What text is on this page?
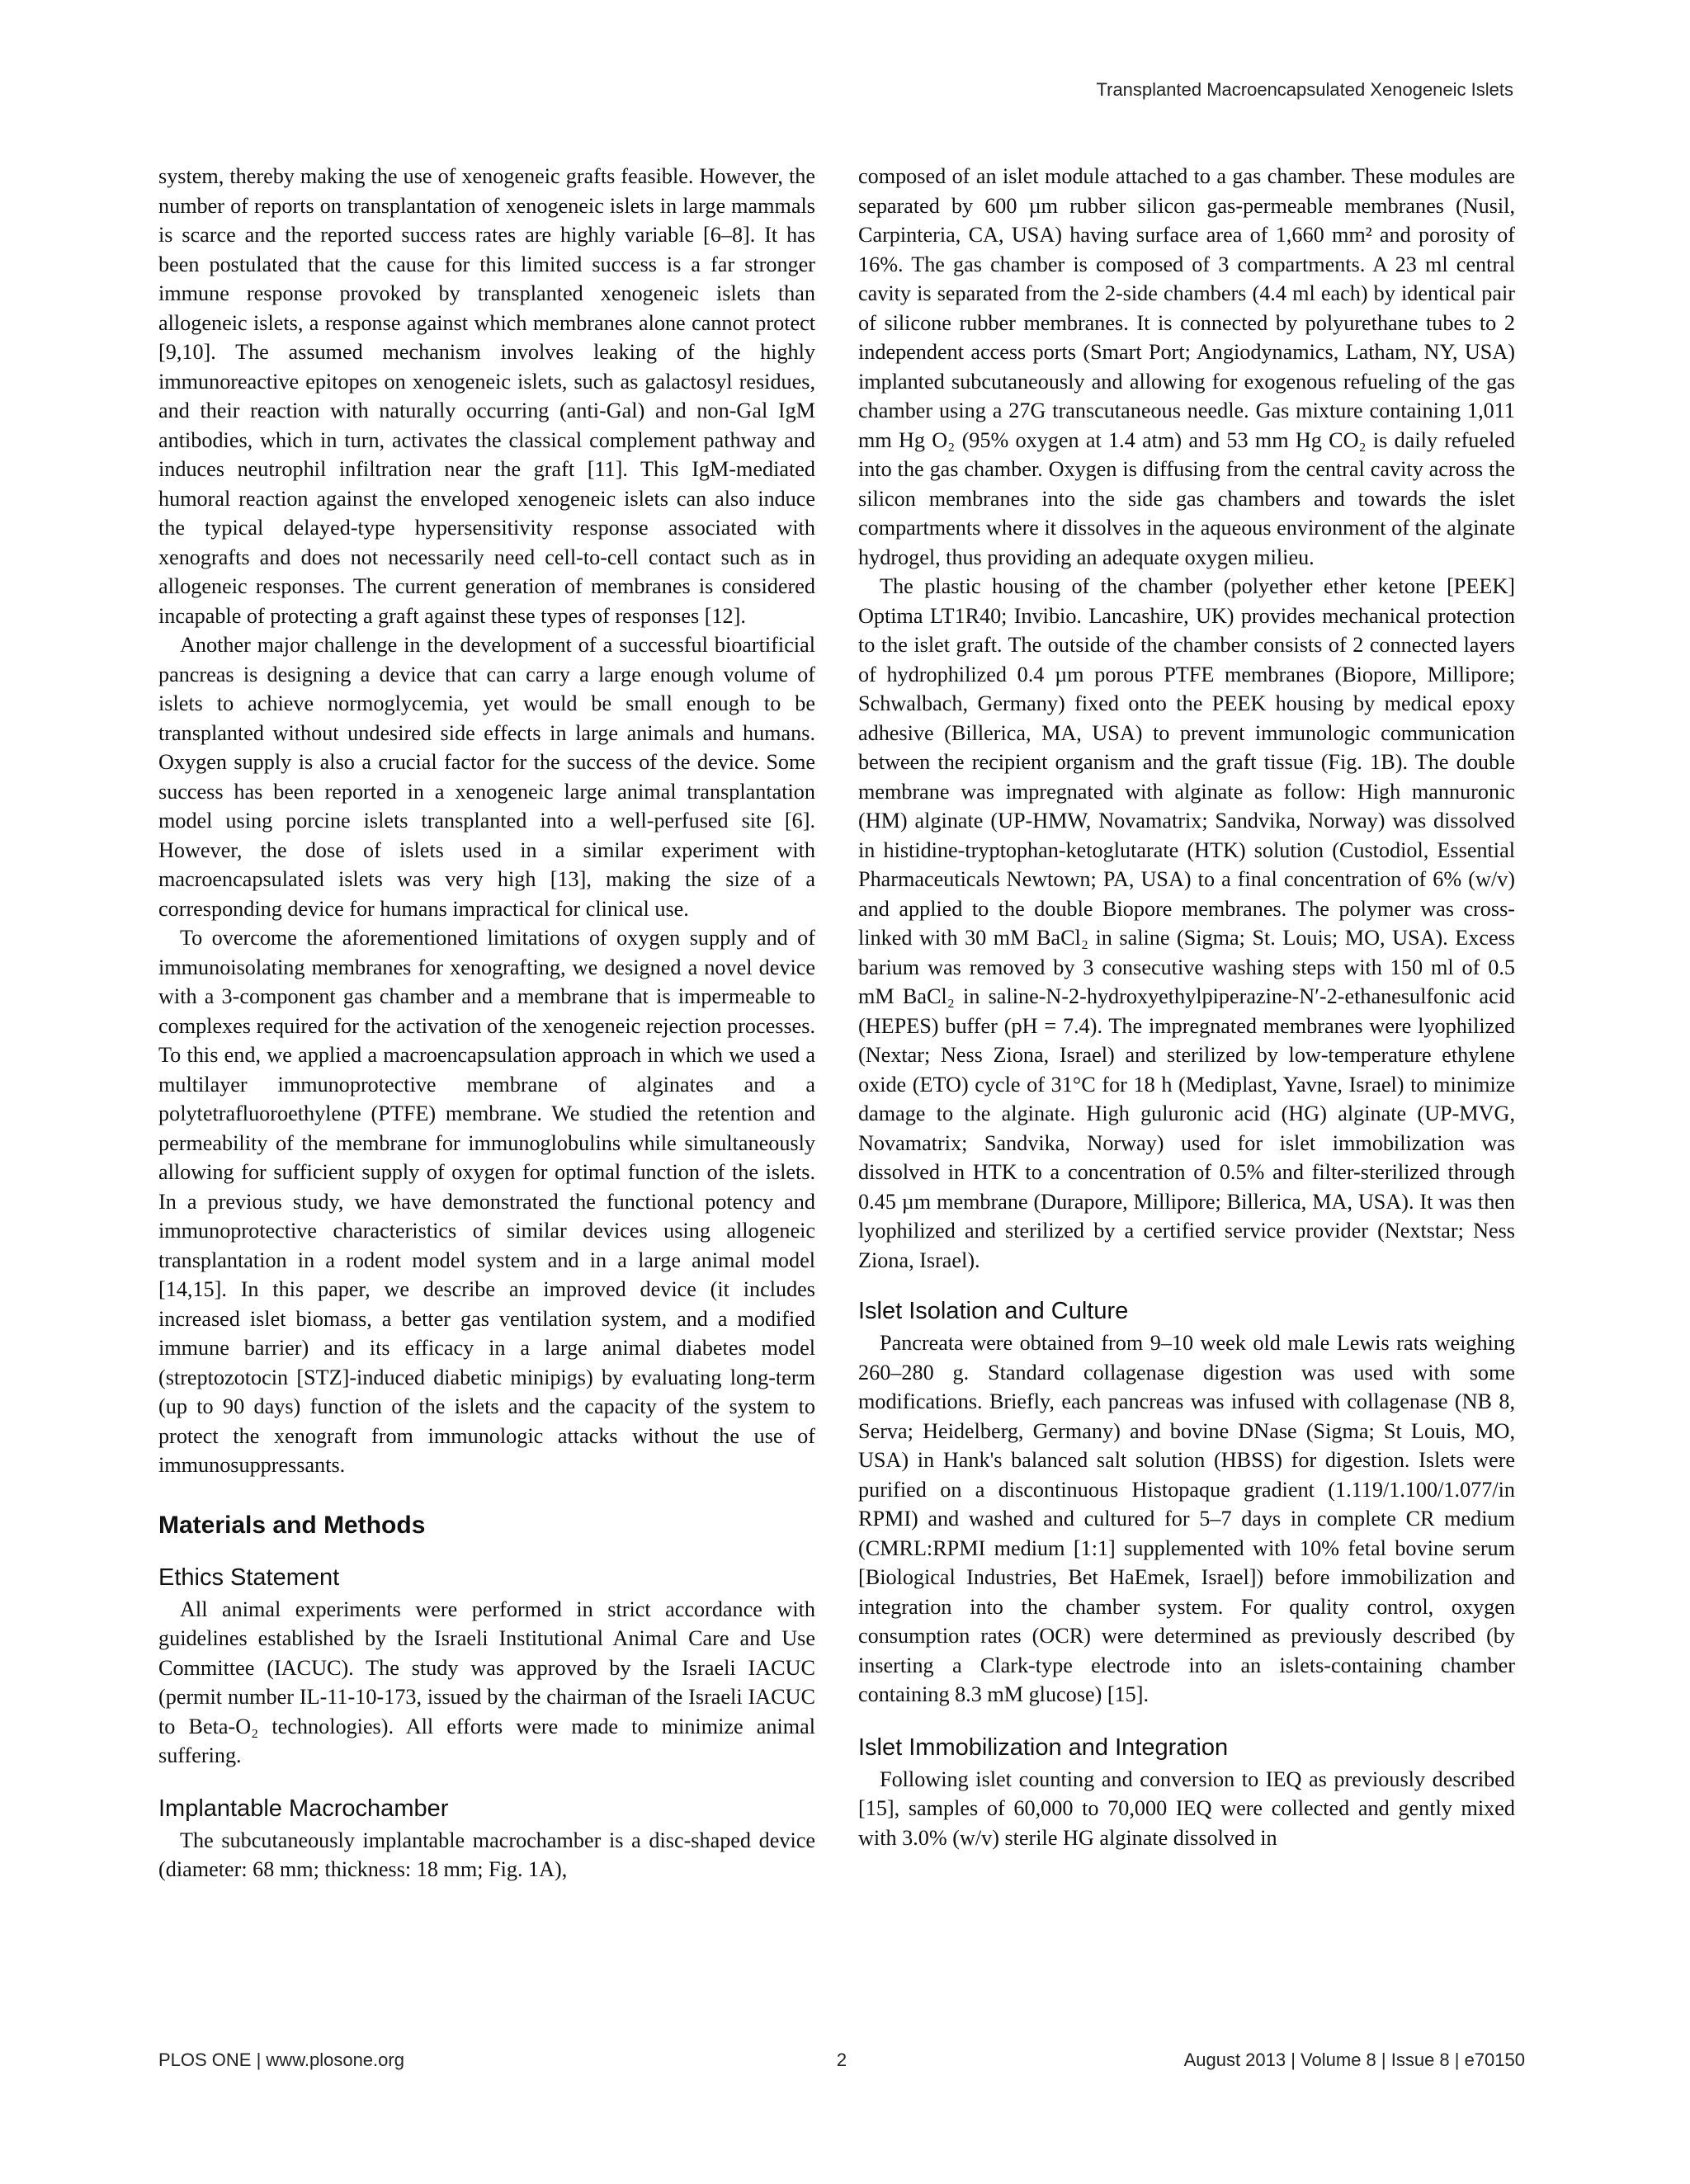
Transplanted Macroencapsulated Xenogeneic Islets

system, thereby making the use of xenogeneic grafts feasible. However, the number of reports on transplantation of xenogeneic islets in large mammals is scarce and the reported success rates are highly variable [6–8]. It has been postulated that the cause for this limited success is a far stronger immune response provoked by transplanted xenogeneic islets than allogeneic islets, a response against which membranes alone cannot protect [9,10]. The assumed mechanism involves leaking of the highly immunoreactive epitopes on xenogeneic islets, such as galactosyl residues, and their reaction with naturally occurring (anti-Gal) and non-Gal IgM antibodies, which in turn, activates the classical complement pathway and induces neutrophil infiltration near the graft [11]. This IgM-mediated humoral reaction against the enveloped xenogeneic islets can also induce the typical delayed-type hypersensitivity response associated with xenografts and does not necessarily need cell-to-cell contact such as in allogeneic responses. The current generation of membranes is considered incapable of protecting a graft against these types of responses [12].

Another major challenge in the development of a successful bioartificial pancreas is designing a device that can carry a large enough volume of islets to achieve normoglycemia, yet would be small enough to be transplanted without undesired side effects in large animals and humans. Oxygen supply is also a crucial factor for the success of the device. Some success has been reported in a xenogeneic large animal transplantation model using porcine islets transplanted into a well-perfused site [6]. However, the dose of islets used in a similar experiment with macroencapsulated islets was very high [13], making the size of a corresponding device for humans impractical for clinical use.

To overcome the aforementioned limitations of oxygen supply and of immunoisolating membranes for xenografting, we designed a novel device with a 3-component gas chamber and a membrane that is impermeable to complexes required for the activation of the xenogeneic rejection processes. To this end, we applied a macroencapsulation approach in which we used a multilayer immunoprotective membrane of alginates and a polytetrafluoroethylene (PTFE) membrane. We studied the retention and permeability of the membrane for immunoglobulins while simultaneously allowing for sufficient supply of oxygen for optimal function of the islets. In a previous study, we have demonstrated the functional potency and immunoprotective characteristics of similar devices using allogeneic transplantation in a rodent model system and in a large animal model [14,15]. In this paper, we describe an improved device (it includes increased islet biomass, a better gas ventilation system, and a modified immune barrier) and its efficacy in a large animal diabetes model (streptozotocin [STZ]-induced diabetic minipigs) by evaluating long-term (up to 90 days) function of the islets and the capacity of the system to protect the xenograft from immunologic attacks without the use of immunosuppressants.

Materials and Methods
Ethics Statement

All animal experiments were performed in strict accordance with guidelines established by the Israeli Institutional Animal Care and Use Committee (IACUC). The study was approved by the Israeli IACUC (permit number IL-11-10-173, issued by the chairman of the Israeli IACUC to Beta-O₂ technologies). All efforts were made to minimize animal suffering.

Implantable Macrochamber

The subcutaneously implantable macrochamber is a disc-shaped device (diameter: 68 mm; thickness: 18 mm; Fig. 1A),

composed of an islet module attached to a gas chamber. These modules are separated by 600 µm rubber silicon gas-permeable membranes (Nusil, Carpinteria, CA, USA) having surface area of 1,660 mm² and porosity of 16%. The gas chamber is composed of 3 compartments. A 23 ml central cavity is separated from the 2-side chambers (4.4 ml each) by identical pair of silicone rubber membranes. It is connected by polyurethane tubes to 2 independent access ports (Smart Port; Angiodynamics, Latham, NY, USA) implanted subcutaneously and allowing for exogenous refueling of the gas chamber using a 27G transcutaneous needle. Gas mixture containing 1,011 mm Hg O₂ (95% oxygen at 1.4 atm) and 53 mm Hg CO₂ is daily refueled into the gas chamber. Oxygen is diffusing from the central cavity across the silicon membranes into the side gas chambers and towards the islet compartments where it dissolves in the aqueous environment of the alginate hydrogel, thus providing an adequate oxygen milieu.

The plastic housing of the chamber (polyether ether ketone [PEEK] Optima LT1R40; Invibio. Lancashire, UK) provides mechanical protection to the islet graft. The outside of the chamber consists of 2 connected layers of hydrophilized 0.4 µm porous PTFE membranes (Biopore, Millipore; Schwalbach, Germany) fixed onto the PEEK housing by medical epoxy adhesive (Billerica, MA, USA) to prevent immunologic communication between the recipient organism and the graft tissue (Fig. 1B). The double membrane was impregnated with alginate as follow: High mannuronic (HM) alginate (UP-HMW, Novamatrix; Sandvika, Norway) was dissolved in histidine-tryptophan-ketoglutarate (HTK) solution (Custodiol, Essential Pharmaceuticals Newtown; PA, USA) to a final concentration of 6% (w/v) and applied to the double Biopore membranes. The polymer was cross-linked with 30 mM BaCl₂ in saline (Sigma; St. Louis; MO, USA). Excess barium was removed by 3 consecutive washing steps with 150 ml of 0.5 mM BaCl₂ in saline-N-2-hydroxyethylpiperazine-N′-2-ethanesulfonic acid (HEPES) buffer (pH = 7.4). The impregnated membranes were lyophilized (Nextar; Ness Ziona, Israel) and sterilized by low-temperature ethylene oxide (ETO) cycle of 31°C for 18 h (Mediplast, Yavne, Israel) to minimize damage to the alginate. High guluronic acid (HG) alginate (UP-MVG, Novamatrix; Sandvika, Norway) used for islet immobilization was dissolved in HTK to a concentration of 0.5% and filter-sterilized through 0.45 µm membrane (Durapore, Millipore; Billerica, MA, USA). It was then lyophilized and sterilized by a certified service provider (Nextstar; Ness Ziona, Israel).

Islet Isolation and Culture

Pancreata were obtained from 9–10 week old male Lewis rats weighing 260–280 g. Standard collagenase digestion was used with some modifications. Briefly, each pancreas was infused with collagenase (NB 8, Serva; Heidelberg, Germany) and bovine DNase (Sigma; St Louis, MO, USA) in Hank's balanced salt solution (HBSS) for digestion. Islets were purified on a discontinuous Histopaque gradient (1.119/1.100/1.077/in RPMI) and washed and cultured for 5–7 days in complete CR medium (CMRL:RPMI medium [1:1] supplemented with 10% fetal bovine serum [Biological Industries, Bet HaEmek, Israel]) before immobilization and integration into the chamber system. For quality control, oxygen consumption rates (OCR) were determined as previously described (by inserting a Clark-type electrode into an islets-containing chamber containing 8.3 mM glucose) [15].

Islet Immobilization and Integration

Following islet counting and conversion to IEQ as previously described [15], samples of 60,000 to 70,000 IEQ were collected and gently mixed with 3.0% (w/v) sterile HG alginate dissolved in

PLOS ONE | www.plosone.org	2	August 2013 | Volume 8 | Issue 8 | e70150
